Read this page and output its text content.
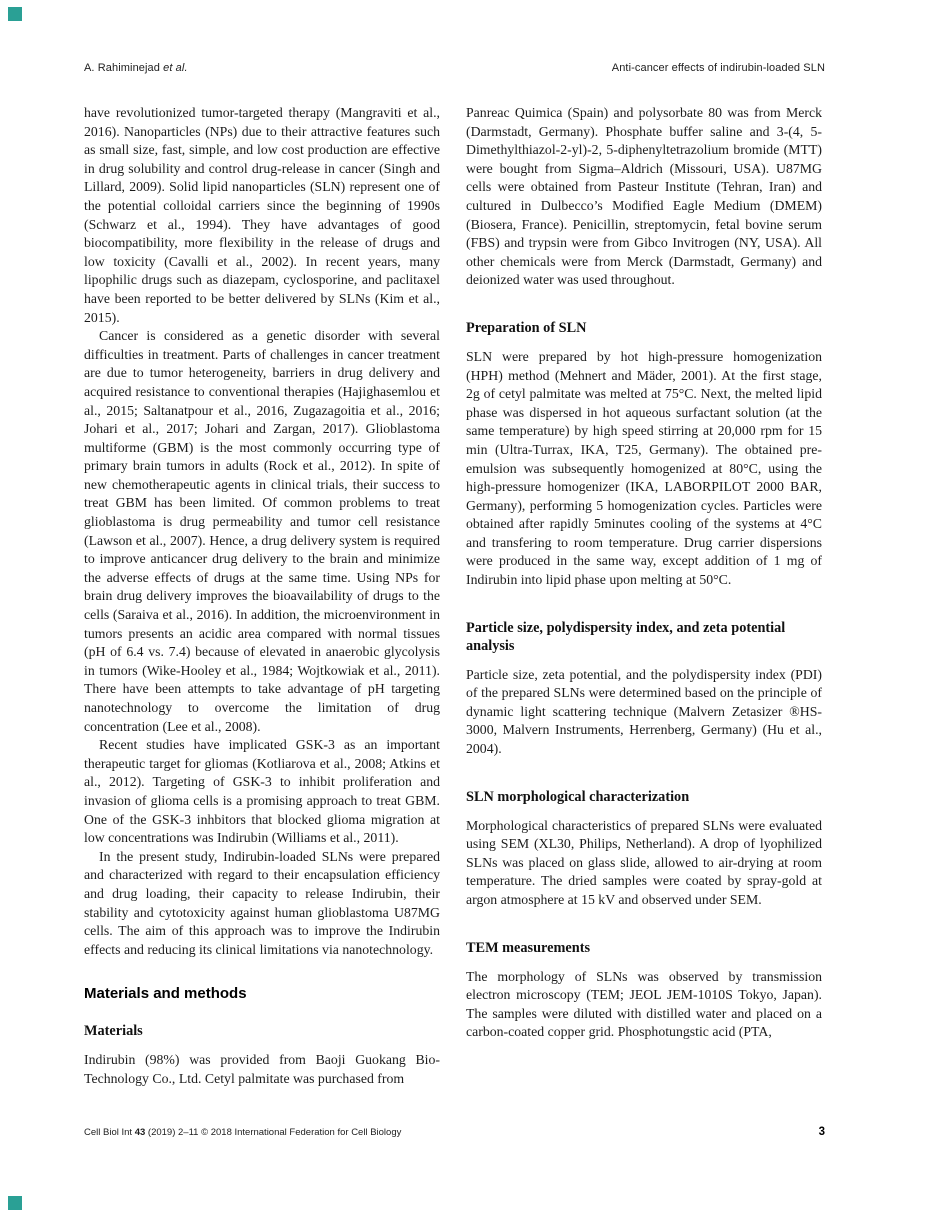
A. Rahiminejad et al.	Anti-cancer effects of indirubin-loaded SLN

have revolutionized tumor-targeted therapy (Mangraviti et al., 2016). Nanoparticles (NPs) due to their attractive features such as small size, fast, simple, and low cost production are effective in drug solubility and control drug-release in cancer (Singh and Lillard, 2009). Solid lipid nanoparticles (SLN) represent one of the potential colloidal carriers since the beginning of 1990s (Schwarz et al., 1994). They have advantages of good biocompatibility, more flexibility in the release of drugs and low toxicity (Cavalli et al., 2002). In recent years, many lipophilic drugs such as diazepam, cyclosporine, and paclitaxel have been reported to be better delivered by SLNs (Kim et al., 2015).

Cancer is considered as a genetic disorder with several difficulties in treatment. Parts of challenges in cancer treatment are due to tumor heterogeneity, barriers in drug delivery and acquired resistance to conventional therapies (Hajighasemlou et al., 2015; Saltanatpour et al., 2016, Zugazagoitia et al., 2016; Johari et al., 2017; Johari and Zargan, 2017). Glioblastoma multiforme (GBM) is the most commonly occurring type of primary brain tumors in adults (Rock et al., 2012). In spite of new chemotherapeutic agents in clinical trials, their success to treat GBM has been limited. Of common problems to treat glioblastoma is drug permeability and tumor cell resistance (Lawson et al., 2007). Hence, a drug delivery system is required to improve anticancer drug delivery to the brain and minimize the adverse effects of drugs at the same time. Using NPs for brain drug delivery improves the bioavailability of drugs to the cells (Saraiva et al., 2016). In addition, the microenvironment in tumors presents an acidic area compared with normal tissues (pH of 6.4 vs. 7.4) because of elevated in anaerobic glycolysis in tumors (Wike-Hooley et al., 1984; Wojtkowiak et al., 2011). There have been attempts to take advantage of pH targeting nanotechnology to overcome the limitation of drug concentration (Lee et al., 2008).

Recent studies have implicated GSK-3 as an important therapeutic target for gliomas (Kotliarova et al., 2008; Atkins et al., 2012). Targeting of GSK-3 to inhibit proliferation and invasion of glioma cells is a promising approach to treat GBM. One of the GSK-3 inhbitors that blocked glioma migration at low concentrations was Indirubin (Williams et al., 2011).

In the present study, Indirubin-loaded SLNs were prepared and characterized with regard to their encapsulation efficiency and drug loading, their capacity to release Indirubin, their stability and cytotoxicity against human glioblastoma U87MG cells. The aim of this approach was to improve the Indirubin effects and reducing its clinical limitations via nanotechnology.

Materials and methods
Materials

Indirubin (98%) was provided from Baoji Guokang Bio-Technology Co., Ltd. Cetyl palmitate was purchased from

Panreac Quimica (Spain) and polysorbate 80 was from Merck (Darmstadt, Germany). Phosphate buffer saline and 3-(4, 5-Dimethylthiazol-2-yl)-2, 5-diphenyltetrazolium bromide (MTT) were bought from Sigma–Aldrich (Missouri, USA). U87MG cells were obtained from Pasteur Institute (Tehran, Iran) and cultured in Dulbecco’s Modified Eagle Medium (DMEM) (Biosera, France). Penicillin, streptomycin, fetal bovine serum (FBS) and trypsin were from Gibco Invitrogen (NY, USA). All other chemicals were from Merck (Darmstadt, Germany) and deionized water was used throughout.

Preparation of SLN

SLN were prepared by hot high-pressure homogenization (HPH) method (Mehnert and Mäder, 2001). At the first stage, 2g of cetyl palmitate was melted at 75°C. Next, the melted lipid phase was dispersed in hot aqueous surfactant solution (at the same temperature) by high speed stirring at 20,000 rpm for 15 min (Ultra-Turrax, IKA, T25, Germany). The obtained pre-emulsion was subsequently homogenized at 80°C, using the high-pressure homogenizer (IKA, LABORPILOT 2000 BAR, Germany), performing 5 homogenization cycles. Particles were obtained after rapidly 5minutes cooling of the systems at 4°C and transfering to room temperature. Drug carrier dispersions were produced in the same way, except addition of 1 mg of Indirubin into lipid phase upon melting at 50°C.

Particle size, polydispersity index, and zeta potential analysis

Particle size, zeta potential, and the polydispersity index (PDI) of the prepared SLNs were determined based on the principle of dynamic light scattering technique (Malvern Zetasizer ®HS-3000, Malvern Instruments, Herrenberg, Germany) (Hu et al., 2004).

SLN morphological characterization

Morphological characteristics of prepared SLNs were evaluated using SEM (XL30, Philips, Netherland). A drop of lyophilized SLNs was placed on glass slide, allowed to air-drying at room temperature. The dried samples were coated by spray-gold at argon atmosphere at 15 kV and observed under SEM.

TEM measurements

The morphology of SLNs was observed by transmission electron microscopy (TEM; JEOL JEM-1010S Tokyo, Japan). The samples were diluted with distilled water and placed on a carbon-coated copper grid. Phosphotungstic acid (PTA,

Cell Biol Int 43 (2019) 2–11 © 2018 International Federation for Cell Biology	3
